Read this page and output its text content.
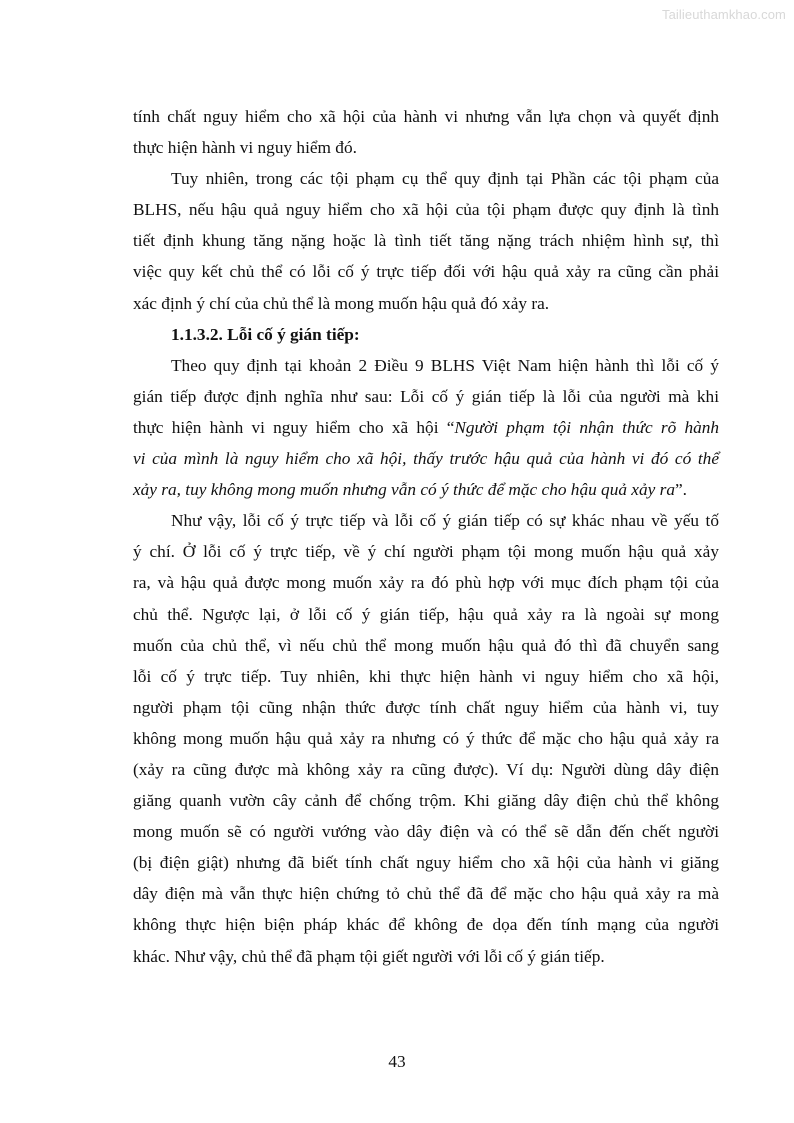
Tailieuthamkhao.com
tính chất nguy hiểm cho xã hội của hành vi nhưng vẫn lựa chọn và quyết định
thực hiện hành vi nguy hiểm đó.
Tuy nhiên, trong các tội phạm cụ thể quy định tại Phần các tội phạm của
BLHS, nếu hậu quả nguy hiểm cho xã hội của tội phạm được quy định là tình
tiết định khung tăng nặng hoặc là tình tiết tăng nặng trách nhiệm hình sự, thì
việc quy kết chủ thể có lỗi cố ý trực tiếp đối với hậu quả xảy ra cũng cần phải
xác định ý chí của chủ thể là mong muốn hậu quả đó xảy ra.
1.1.3.2. Lỗi cố ý gián tiếp:
Theo quy định tại khoản 2 Điều 9 BLHS Việt Nam hiện hành thì lỗi cố ý
gián tiếp được định nghĩa như sau: Lỗi cố ý gián tiếp là lỗi của người mà khi
thực hiện hành vi nguy hiểm cho xã hội “Người phạm tội nhận thức rõ hành
vi của mình là nguy hiểm cho xã hội, thấy trước hậu quả của hành vi đó có thể
xảy ra, tuy không mong muốn nhưng vẫn có ý thức để mặc cho hậu quả xảy ra”.
Như vậy, lỗi cố ý trực tiếp và lỗi cố ý gián tiếp có sự khác nhau về yếu tố
ý chí. Ở lỗi cố ý trực tiếp, về ý chí người phạm tội mong muốn hậu quả xảy
ra, và hậu quả được mong muốn xảy ra đó phù hợp với mục đích phạm tội của
chủ thể. Ngược lại, ở lỗi cố ý gián tiếp, hậu quả xảy ra là ngoài sự mong
muốn của chủ thể, vì nếu chủ thể mong muốn hậu quả đó thì đã chuyển sang
lỗi cố ý trực tiếp. Tuy nhiên, khi thực hiện hành vi nguy hiểm cho xã hội,
người phạm tội cũng nhận thức được tính chất nguy hiểm của hành vi, tuy
không mong muốn hậu quả xảy ra nhưng có ý thức để mặc cho hậu quả xảy ra
(xảy ra cũng được mà không xảy ra cũng được). Ví dụ: Người dùng dây điện
giăng quanh vườn cây cảnh để chống trộm. Khi giăng dây điện chủ thể không
mong muốn sẽ có người vướng vào dây điện và có thể sẽ dẫn đến chết người
(bị điện giật) nhưng đã biết tính chất nguy hiểm cho xã hội của hành vi giăng
dây điện mà vẫn thực hiện chứng tỏ chủ thể đã để mặc cho hậu quả xảy ra mà
không thực hiện biện pháp khác để không đe dọa đến tính mạng của người
khác. Như vậy, chủ thể đã phạm tội giết người với lỗi cố ý gián tiếp.
43
